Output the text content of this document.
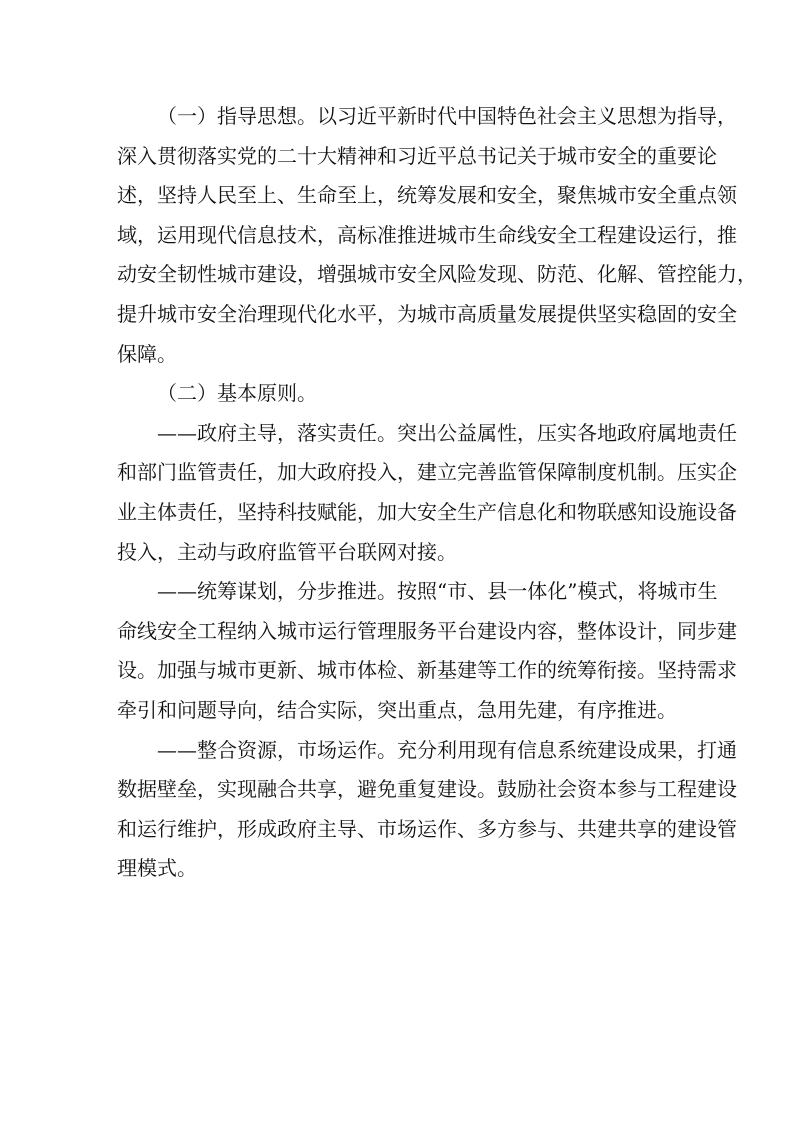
（一）指导思想。以习近平新时代中国特色社会主义思想为指导，
深入贯彻落实党的二十大精神和习近平总书记关于城市安全的重要论
述，坚持人民至上、生命至上，统筹发展和安全，聚焦城市安全重点领
域，运用现代信息技术，高标准推进城市生命线安全工程建设运行，推
动安全韧性城市建设，增强城市安全风险发现、防范、化解、管控能力，
提升城市安全治理现代化水平，为城市高质量发展提供坚实稳固的安全
保障。
（二）基本原则。
——政府主导，落实责任。突出公益属性，压实各地政府属地责任
和部门监管责任，加大政府投入，建立完善监管保障制度机制。压实企
业主体责任，坚持科技赋能，加大安全生产信息化和物联感知设施设备
投入，主动与政府监管平台联网对接。
——统筹谋划，分步推进。按照“市、县一体化”模式，将城市生
命线安全工程纳入城市运行管理服务平台建设内容，整体设计，同步建
设。加强与城市更新、城市体检、新基建等工作的统筹衔接。坚持需求
牵引和问题导向，结合实际，突出重点，急用先建，有序推进。
——整合资源，市场运作。充分利用现有信息系统建设成果，打通
数据壁垒，实现融合共享，避免重复建设。鼓励社会资本参与工程建设
和运行维护，形成政府主导、市场运作、多方参与、共建共享的建设管
理模式。
